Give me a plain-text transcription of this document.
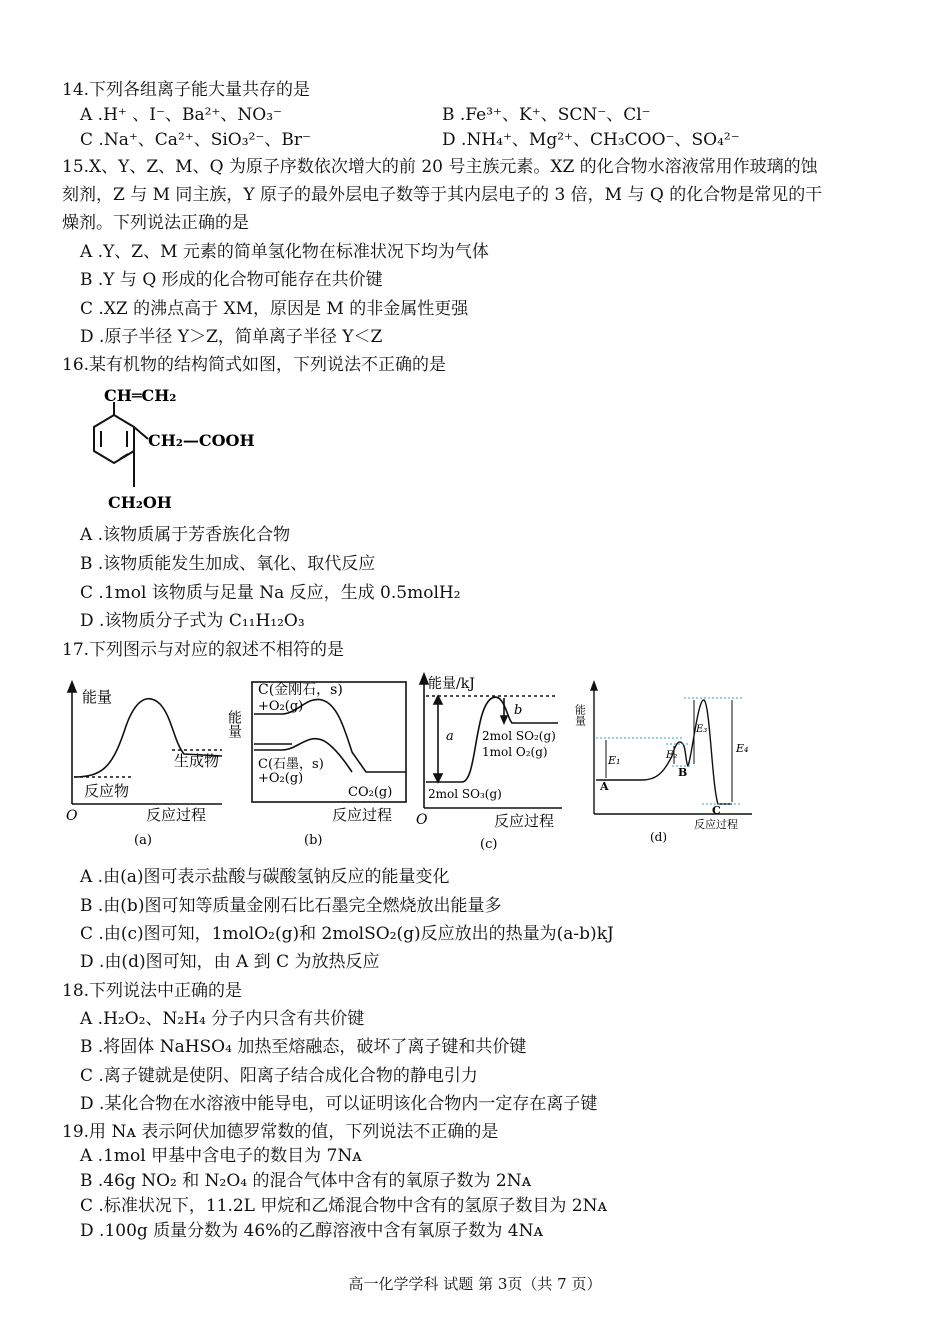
14.下列各组离子能大量共存的是
A .H⁺ 、I⁻、Ba²⁺、NO₃⁻	B .Fe³⁺、K⁺、SCN⁻、Cl⁻
C .Na⁺、Ca²⁺、SiO₃²⁻、Br⁻	D .NH₄⁺、Mg²⁺、CH₃COO⁻、SO₄²⁻
15.X、Y、Z、M、Q 为原子序数依次增大的前 20 号主族元素。XZ 的化合物水溶液常用作玻璃的蚀
刻剂，Z 与 M 同主族，Y 原子的最外层电子数等于其内层电子的 3 倍，M 与 Q 的化合物是常见的干
燥剂。下列说法正确的是
A .Y、Z、M 元素的简单氢化物在标准状况下均为气体
B .Y 与 Q 形成的化合物可能存在共价键
C .XZ 的沸点高于 XM，原因是 M 的非金属性更强
D .原子半径 Y＞Z，简单离子半径 Y＜Z
16.某有机物的结构简式如图，下列说法不正确的是
CH═CH₂
CH₂—COOH
CH₂OH
A .该物质属于芳香族化合物
B .该物质能发生加成、氧化、取代反应
C .1mol 该物质与足量 Na 反应，生成 0.5molH₂
D .该物质分子式为 C₁₁H₁₂O₃
17.下列图示与对应的叙述不相符的是
能量
生成物
反应物
O	反应过程
(a)
C(金刚石，s)
+O₂(g)
能量
C(石墨，s)
+O₂(g)
CO₂(g)
反应过程
(b)
能量/kJ
a
b
2mol SO₂(g)
1mol O₂(g)
2mol SO₃(g)
O	反应过程
(c)
能量
E₁	E₂
E₃
E₄
A
B
C
反应过程
(d)
A .由(a)图可表示盐酸与碳酸氢钠反应的能量变化
B .由(b)图可知等质量金刚石比石墨完全燃烧放出能量多
C .由(c)图可知，1molO₂(g)和 2molSO₂(g)反应放出的热量为(a-b)kJ
D .由(d)图可知，由 A 到 C 为放热反应
18.下列说法中正确的是
A .H₂O₂、N₂H₄ 分子内只含有共价键
B .将固体 NaHSO₄ 加热至熔融态，破坏了离子键和共价键
C .离子键就是使阴、阳离子结合成化合物的静电引力
D .某化合物在水溶液中能导电，可以证明该化合物内一定存在离子键
19.用 Nᴀ 表示阿伏加德罗常数的值，下列说法不正确的是
A .1mol 甲基中含电子的数目为 7Nᴀ
B .46g NO₂ 和 N₂O₄ 的混合气体中含有的氧原子数为 2Nᴀ
C .标准状况下，11.2L 甲烷和乙烯混合物中含有的氢原子数目为 2Nᴀ
D .100g 质量分数为 46%的乙醇溶液中含有氧原子数为 4Nᴀ
高一化学学科 试题 第 3页（共 7 页）
